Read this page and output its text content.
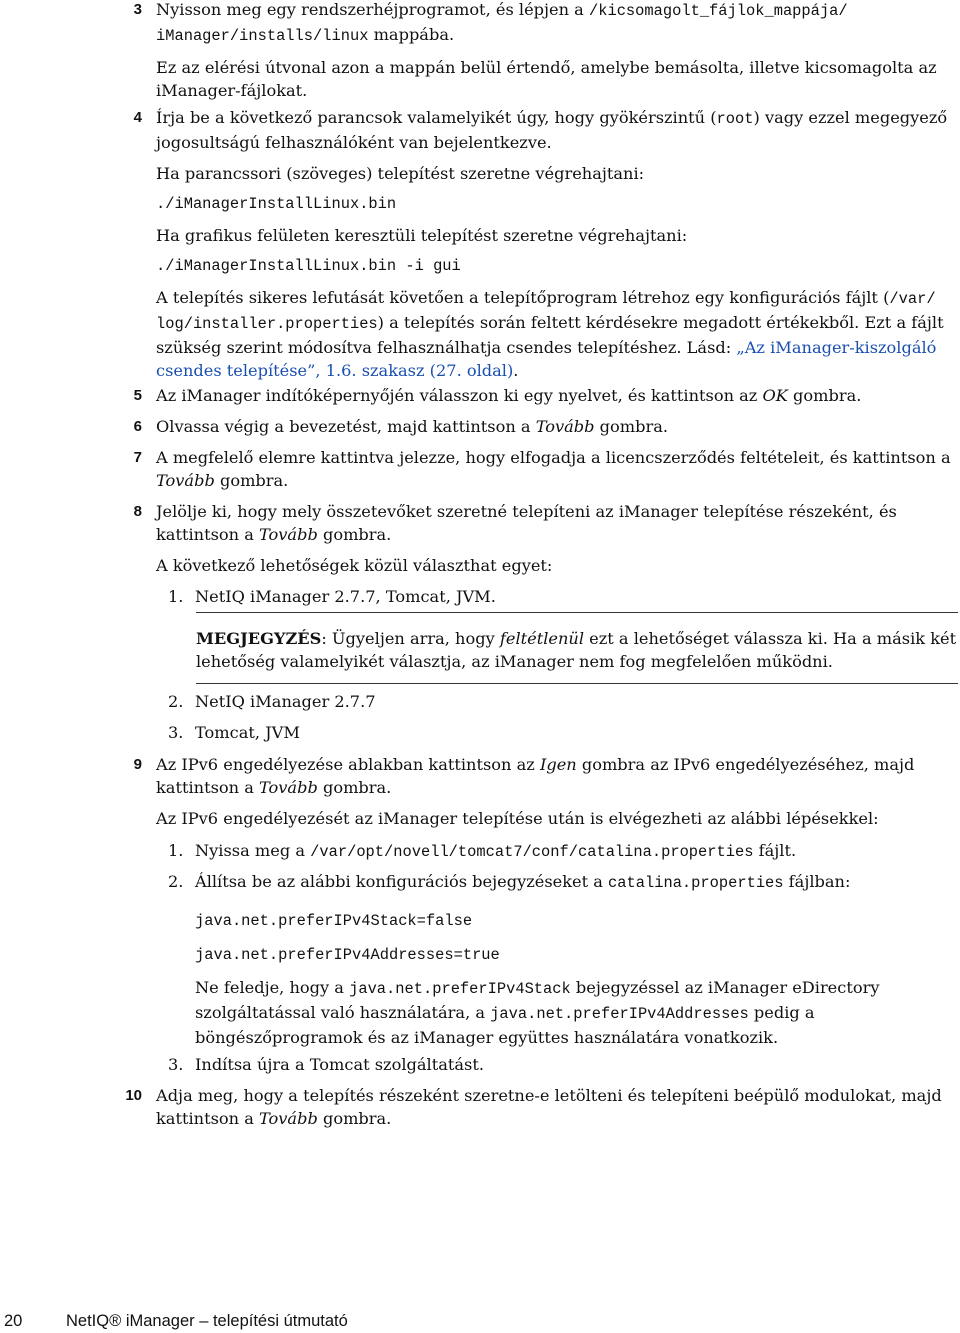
3 Nyisson meg egy rendszerhéjprogramot, és lépjen a /kicsomagolt_fájlok_mappája/
iManager/installs/linux mappába.

Ez az elérési útvonal azon a mappán belül értendő, amelybe bemásolta, illetve kicsomagolta az iManager-fájlokat.

4 Írja be a következő parancsok valamelyikét úgy, hogy gyökérszintű (root) vagy ezzel megegyező jogosultságú felhasználóként van bejelentkezve.

Ha parancssori (szöveges) telepítést szeretne végrehajtani:

./iManagerInstallLinux.bin

Ha grafikus felületen keresztüli telepítést szeretne végrehajtani:

./iManagerInstallLinux.bin -i gui

A telepítés sikeres lefutását követően a telepítőprogram létrehoz egy konfigurációs fájlt (/var/
log/installer.properties) a telepítés során feltett kérdésekre megadott értékekből. Ezt a fájlt szükség szerint módosítva felhasználhatja csendes telepítéshez. Lásd: „Az iManager-kiszolgáló csendes telepítése”, 1.6. szakasz (27. oldal).

5 Az iManager indítóképernyőjén válasszon ki egy nyelvet, és kattintson az OK gombra.

6 Olvassa végig a bevezetést, majd kattintson a Tovább gombra.

7 A megfelelő elemre kattintva jelezze, hogy elfogadja a licencszerződés feltételeit, és kattintson a Tovább gombra.

8 Jelölje ki, hogy mely összetevőket szeretné telepíteni az iManager telepítése részeként, és kattintson a Tovább gombra.

A következő lehetőségek közül választhat egyet:

1. NetIQ iManager 2.7.7, Tomcat, JVM.

MEGJEGYZÉS: Ügyeljen arra, hogy feltétlenül ezt a lehetőséget válassza ki. Ha a másik két lehetőség valamelyikét választja, az iManager nem fog megfelelően működni.

2. NetIQ iManager 2.7.7
3. Tomcat, JVM
9 Az IPv6 engedélyezése ablakban kattintson az Igen gombra az IPv6 engedélyezéséhez, majd kattintson a Tovább gombra.

Az IPv6 engedélyezését az iManager telepítése után is elvégezheti az alábbi lépésekkel:

1. Nyissa meg a /var/opt/novell/tomcat7/conf/catalina.properties fájlt.
2. Állítsa be az alábbi konfigurációs bejegyzéseket a catalina.properties fájlban:
java.net.preferIPv4Stack=false
java.net.preferIPv4Addresses=true

Ne feledje, hogy a java.net.preferIPv4Stack bejegyzéssel az iManager eDirectory szolgáltatással való használatára, a java.net.preferIPv4Addresses pedig a böngészőprogramok és az iManager együttes használatára vonatkozik.

3. Indítsa újra a Tomcat szolgáltatást.
10 Adja meg, hogy a telepítés részeként szeretne-e letölteni és telepíteni beépülő modulokat, majd kattintson a Tovább gombra.

20	NetIQ® iManager – telepítési útmutató
